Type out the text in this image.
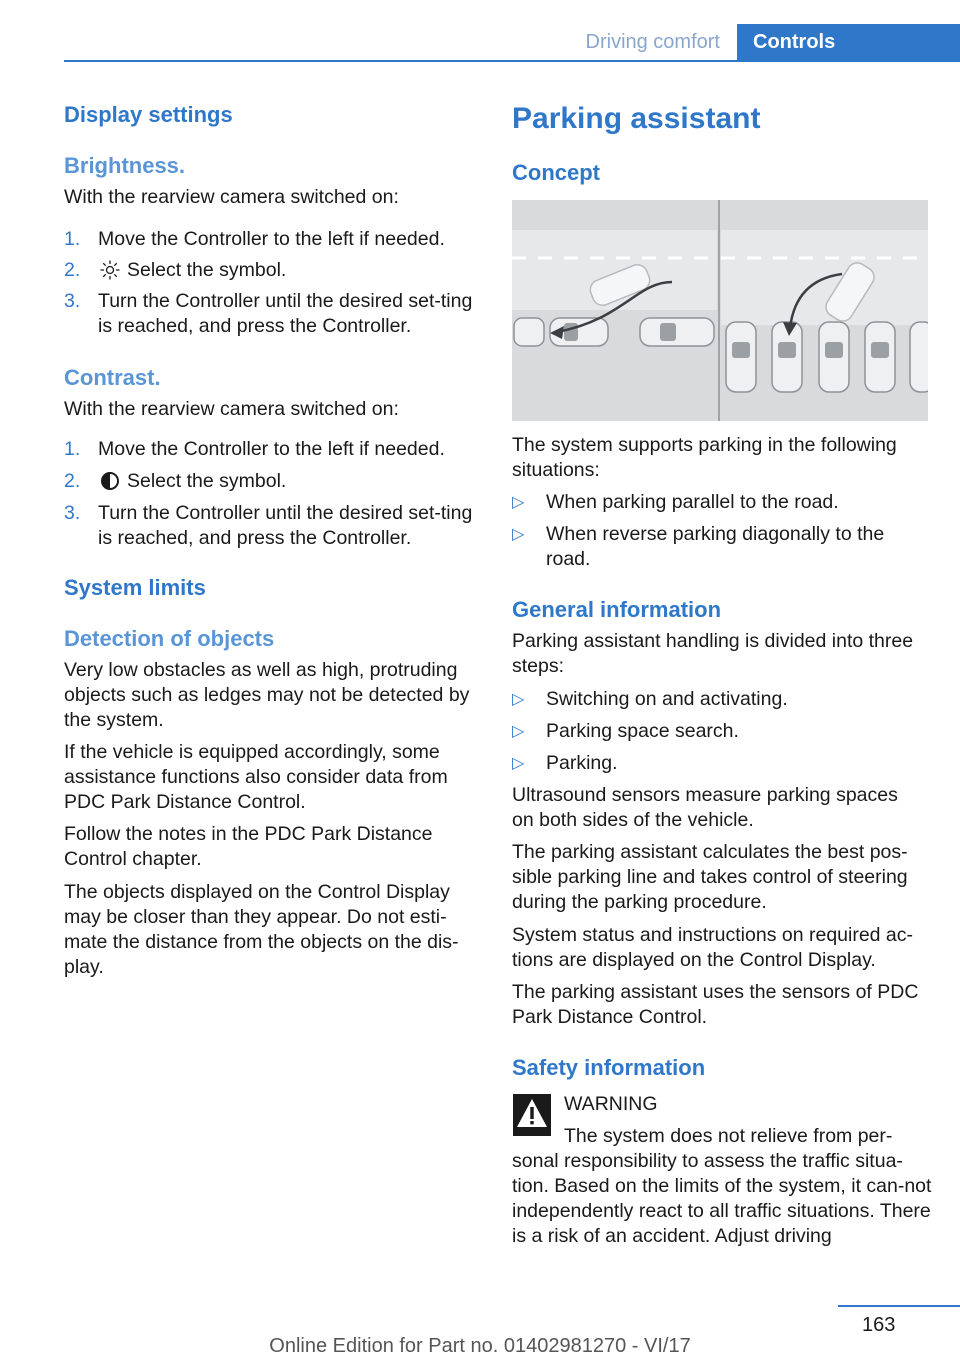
Driving comfort	Controls
Display settings
Brightness.

With the rearview camera switched on:

1. Move the Controller to the left if needed.
2. Select the symbol.
3. Turn the Controller until the desired set‐ting is reached, and press the Controller.
Contrast.

With the rearview camera switched on:

1. Move the Controller to the left if needed.
2. Select the symbol.
3. Turn the Controller until the desired set‐ting is reached, and press the Controller.
System limits
Detection of objects

Very low obstacles as well as high, protruding objects such as ledges may not be detected by the system.

If the vehicle is equipped accordingly, some assistance functions also consider data from PDC Park Distance Control.

Follow the notes in the PDC Park Distance Control chapter.

The objects displayed on the Control Display may be closer than they appear. Do not esti‐mate the distance from the objects on the dis‐play.

Parking assistant
Concept

The system supports parking in the following situations:

▷ When parking parallel to the road.
▷ When reverse parking diagonally to the road.
General information

Parking assistant handling is divided into three steps:

▷ Switching on and activating.
▷ Parking space search.
▷ Parking.

Ultrasound sensors measure parking spaces on both sides of the vehicle.

The parking assistant calculates the best pos‐sible parking line and takes control of steering during the parking procedure.

System status and instructions on required ac‐tions are displayed on the Control Display.

The parking assistant uses the sensors of PDC Park Distance Control.

Safety information

WARNING

The system does not relieve from per‐

sonal responsibility to assess the traffic situa‐tion. Based on the limits of the system, it can‐not independently react to all traffic situations. There is a risk of an accident. Adjust driving

163
Online Edition for Part no. 01402981270 - VI/17
